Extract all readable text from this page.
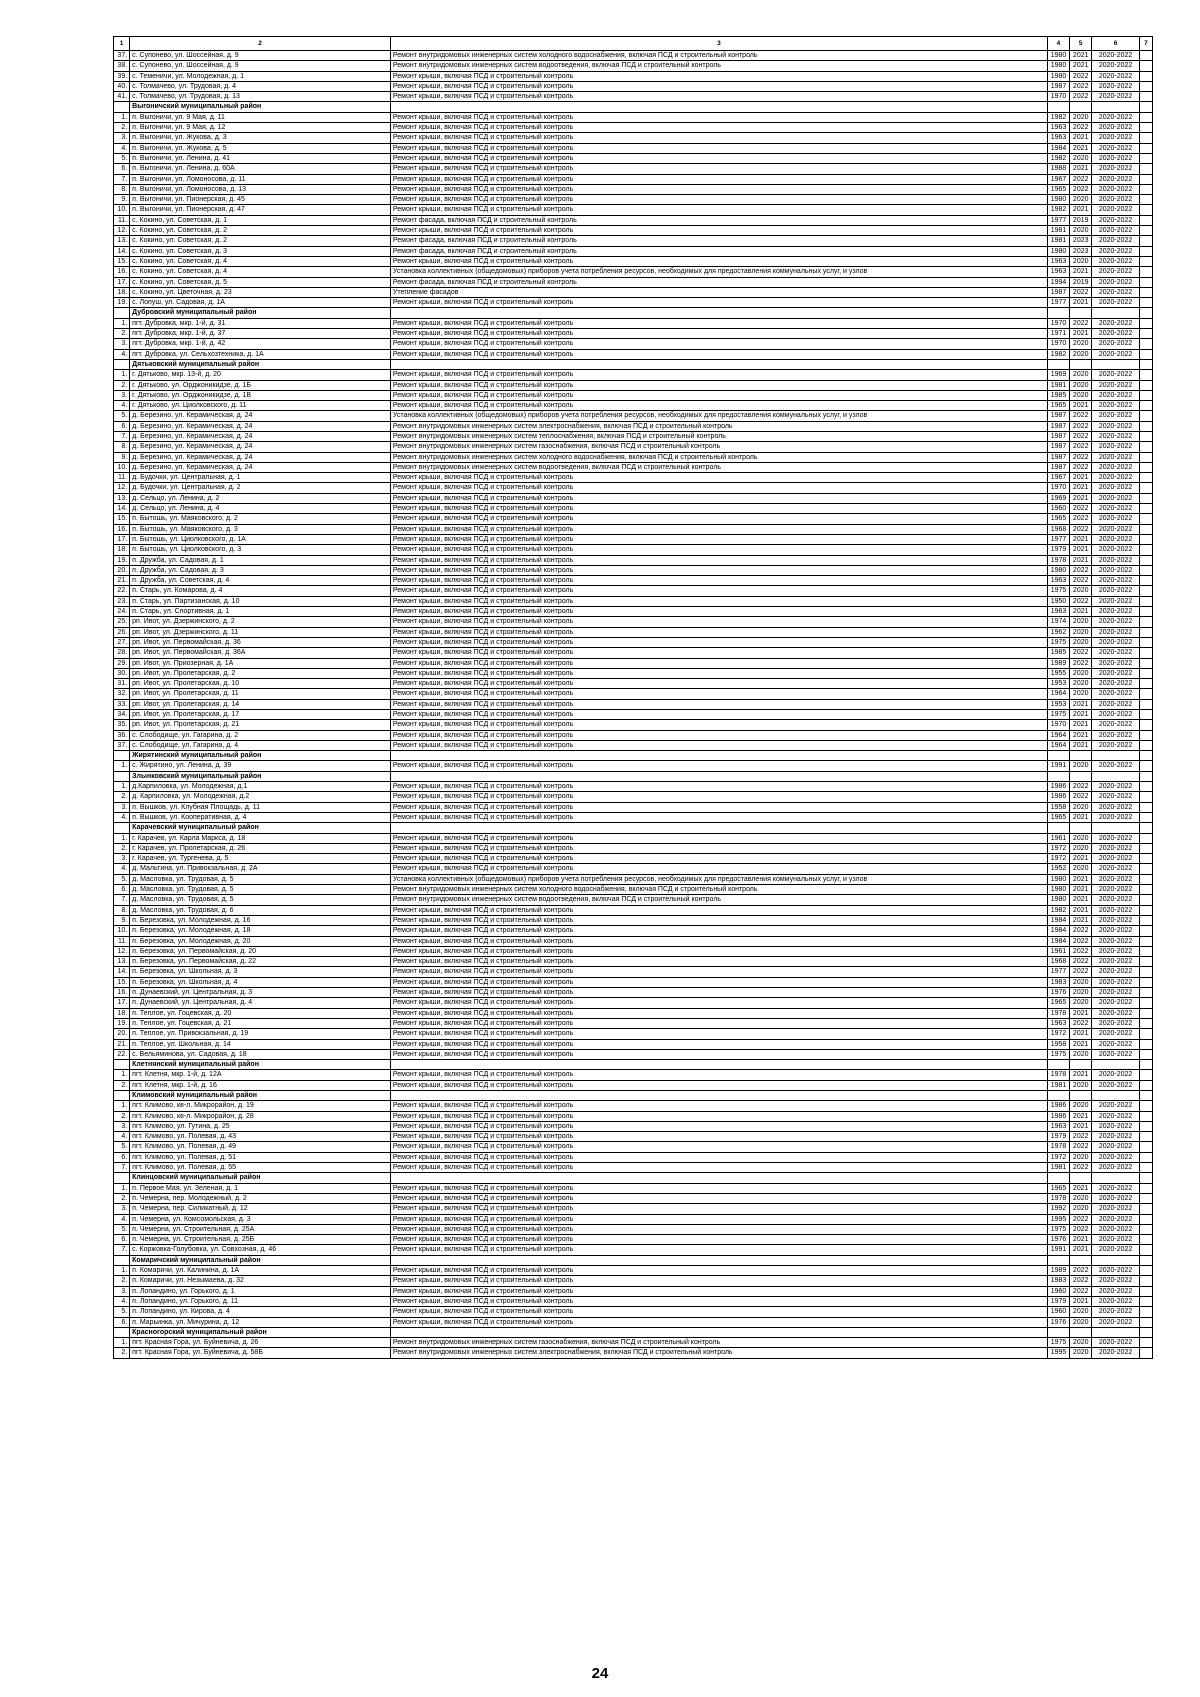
1	2	3	4	5	6	7
37.	с. Супонево, ул. Шоссейная, д. 9	Ремонт внутридомовых инженерных систем холодного водоснабжения, включая ПСД и строительный контроль	1980	2021	2020-2022	
38.	с. Супонево, ул. Шоссейная, д. 9	Ремонт внутридомовых инженерных систем водоотведения, включая ПСД и строительный контроль	1980	2021	2020-2022	
39.	с. Теменичи, ул. Молодежная, д. 1	Ремонт крыши, включая ПСД и строительный контроль	1980	2022	2020-2022	
40.	с. Толмачево, ул. Трудовая, д. 4	Ремонт крыши, включая ПСД и строительный контроль	1987	2022	2020-2022	
41.	с. Толмачево, ул. Трудовая, д. 13	Ремонт крыши, включая ПСД и строительный контроль	1970	2022	2020-2022	
	Выгоничский муниципальный район					
1.	п. Выгоничи, ул. 9 Мая, д. 11	Ремонт крыши, включая ПСД и строительный контроль	1982	2020	2020-2022	
2.	п. Выгоничи, ул. 9 Мая, д. 12	Ремонт крыши, включая ПСД и строительный контроль	1963	2022	2020-2022	
3.	п. Выгоничи, ул. Жукова, д. 3	Ремонт крыши, включая ПСД и строительный контроль	1963	2021	2020-2022	
4.	п. Выгоничи, ул. Жукова, д. 5	Ремонт крыши, включая ПСД и строительный контроль	1984	2021	2020-2022	
5.	п. Выгоничи, ул. Ленина, д. 41	Ремонт крыши, включая ПСД и строительный контроль	1982	2020	2020-2022	
6.	п. Выгоничи, ул. Ленина, д. 60А	Ремонт крыши, включая ПСД и строительный контроль	1988	2021	2020-2022	
7.	п. Выгоничи, ул. Ломоносова, д. 11	Ремонт крыши, включая ПСД и строительный контроль	1967	2022	2020-2022	
8.	п. Выгоничи, ул. Ломоносова, д. 13	Ремонт крыши, включая ПСД и строительный контроль	1965	2022	2020-2022	
9.	п. Выгоничи, ул. Пионерская, д. 45	Ремонт крыши, включая ПСД и строительный контроль	1980	2020	2020-2022	
10.	п. Выгоничи, ул. Пионерская, д. 47	Ремонт крыши, включая ПСД и строительный контроль	1982	2021	2020-2022	
11.	с. Кокино, ул. Советская, д. 1	Ремонт фасада, включая ПСД и строительный контроль	1977	2019	2020-2022	
12.	с. Кокино, ул. Советская, д. 2	Ремонт крыши, включая ПСД и строительный контроль	1981	2020	2020-2022	
13.	с. Кокино, ул. Советская, д. 2	Ремонт фасада, включая ПСД и строительный контроль	1981	2023	2020-2022	
14.	с. Кокино, ул. Советская, д. 3	Ремонт фасада, включая ПСД и строительный контроль	1980	2023	2020-2022	
15.	с. Кокино, ул. Советская, д. 4	Ремонт крыши, включая ПСД и строительный контроль	1963	2020	2020-2022	
16.	с. Кокино, ул. Советская, д. 4	Установка коллективных (общедомовых) приборов учета потребления ресурсов, необходимых для предоставления коммунальных услуг, и узлов	1963	2021	2020-2022	
17.	с. Кокино, ул. Советская, д. 5	Ремонт фасада, включая ПСД и строительный контроль	1994	2019	2020-2022	
18.	с. Кокино, ул. Цветочная, д. 23	Утепление фасадов	1987	2022	2020-2022	
19.	с. Лопуш, ул. Садовая, д. 1А	Ремонт крыши, включая ПСД и строительный контроль	1977	2021	2020-2022	
	Дубровский муниципальный район					
1.	пгт. Дубровка, мкр. 1-й, д. 31	Ремонт крыши, включая ПСД и строительный контроль	1970	2022	2020-2022	
2.	пгт. Дубровка, мкр. 1-й, д. 37	Ремонт крыши, включая ПСД и строительный контроль	1971	2021	2020-2022	
3.	пгт. Дубровка, мкр. 1-й, д. 42	Ремонт крыши, включая ПСД и строительный контроль	1970	2020	2020-2022	
4.	пгт. Дубровка, ул. Сельхозтехника, д. 1А	Ремонт крыши, включая ПСД и строительный контроль	1982	2020	2020-2022	
	Дятьковский муниципальный район					
1.	г. Дятьково, мкр. 13-й, д. 20	Ремонт крыши, включая ПСД и строительный контроль	1969	2020	2020-2022	
2.	г. Дятьково, ул. Орджоникидзе, д. 1Б	Ремонт крыши, включая ПСД и строительный контроль	1981	2020	2020-2022	
3.	г. Дятьково, ул. Орджоникидзе, д. 1В	Ремонт крыши, включая ПСД и строительный контроль	1985	2020	2020-2022	
4.	г. Дятьково, ул. Циолковского, д. 11	Ремонт крыши, включая ПСД и строительный контроль	1965	2021	2020-2022	
5.	д. Березино, ул. Керамическая, д. 24	Установка коллективных (общедомовых) приборов учета потребления ресурсов, необходимых для предоставления коммунальных услуг, и узлов	1987	2022	2020-2022	
6.	д. Березино, ул. Керамическая, д. 24	Ремонт внутридомовых инженерных систем электроснабжения, включая ПСД и строительный контроль	1987	2022	2020-2022	
7.	д. Березино, ул. Керамическая, д. 24	Ремонт внутридомовых инженерных систем теплоснабжения, включая ПСД и строительный контроль	1987	2022	2020-2022	
8.	д. Березино, ул. Керамическая, д. 24	Ремонт внутридомовых инженерных систем газоснабжения, включая ПСД и строительный контроль	1987	2022	2020-2022	
9.	д. Березино, ул. Керамическая, д. 24	Ремонт внутридомовых инженерных систем холодного водоснабжения, включая ПСД и строительный контроль	1987	2022	2020-2022	
10.	д. Березино, ул. Керамическая, д. 24	Ремонт внутридомовых инженерных систем водоотведения, включая ПСД и строительный контроль	1987	2022	2020-2022	
11.	д. Будочки, ул. Центральная, д. 1	Ремонт крыши, включая ПСД и строительный контроль	1967	2021	2020-2022	
12.	д. Будочки, ул. Центральная, д. 2	Ремонт крыши, включая ПСД и строительный контроль	1970	2021	2020-2022	
13.	д. Сельцо, ул. Ленина, д. 2	Ремонт крыши, включая ПСД и строительный контроль	1969	2021	2020-2022	
14.	д. Сельцо, ул. Ленина, д. 4	Ремонт крыши, включая ПСД и строительный контроль	1960	2022	2020-2022	
15.	п. Бытошь, ул. Маяковского, д. 2	Ремонт крыши, включая ПСД и строительный контроль	1965	2022	2020-2022	
16.	п. Бытошь, ул. Маяковского, д. 3	Ремонт крыши, включая ПСД и строительный контроль	1968	2022	2020-2022	
17.	п. Бытошь, ул. Циолковского, д. 1А	Ремонт крыши, включая ПСД и строительный контроль	1977	2021	2020-2022	
18.	п. Бытошь, ул. Циолковского, д. 3	Ремонт крыши, включая ПСД и строительный контроль	1979	2021	2020-2022	
19.	п. Дружба, ул. Садовая, д. 1	Ремонт крыши, включая ПСД и строительный контроль	1978	2021	2020-2022	
20.	п. Дружба, ул. Садовая, д. 3	Ремонт крыши, включая ПСД и строительный контроль	1980	2022	2020-2022	
21.	п. Дружба, ул. Советская, д. 4	Ремонт крыши, включая ПСД и строительный контроль	1963	2022	2020-2022	
22.	п. Старь, ул. Комарова, д. 4	Ремонт крыши, включая ПСД и строительный контроль	1975	2020	2020-2022	
23.	п. Старь, ул. Партизанская, д. 10	Ремонт крыши, включая ПСД и строительный контроль	1950	2022	2020-2022	
24.	п. Старь, ул. Спортивная, д. 1	Ремонт крыши, включая ПСД и строительный контроль	1963	2021	2020-2022	
25.	рп. Ивот, ул. Дзержинского, д. 2	Ремонт крыши, включая ПСД и строительный контроль	1974	2020	2020-2022	
26.	рп. Ивот, ул. Дзержинского, д. 11	Ремонт крыши, включая ПСД и строительный контроль	1962	2020	2020-2022	
27.	рп. Ивот, ул. Первомайская, д. 36	Ремонт крыши, включая ПСД и строительный контроль	1975	2020	2020-2022	
28.	рп. Ивот, ул. Первомайская, д. 36А	Ремонт крыши, включая ПСД и строительный контроль	1985	2022	2020-2022	
29.	рп. Ивот, ул. Приозерная, д. 1А	Ремонт крыши, включая ПСД и строительный контроль	1989	2022	2020-2022	
30.	рп. Ивот, ул. Пролетарская, д. 2	Ремонт крыши, включая ПСД и строительный контроль	1955	2020	2020-2022	
31.	рп. Ивот, ул. Пролетарская, д. 10	Ремонт крыши, включая ПСД и строительный контроль	1953	2020	2020-2022	
32.	рп. Ивот, ул. Пролетарская, д. 11	Ремонт крыши, включая ПСД и строительный контроль	1964	2020	2020-2022	
33.	рп. Ивот, ул. Пролетарская, д. 14	Ремонт крыши, включая ПСД и строительный контроль	1953	2021	2020-2022	
34.	рп. Ивот, ул. Пролетарская, д. 17	Ремонт крыши, включая ПСД и строительный контроль	1975	2021	2020-2022	
35.	рп. Ивот, ул. Пролетарская, д. 21	Ремонт крыши, включая ПСД и строительный контроль	1970	2021	2020-2022	
36.	с. Слободище, ул. Гагарина, д. 2	Ремонт крыши, включая ПСД и строительный контроль	1964	2021	2020-2022	
37.	с. Слободище, ул. Гагарина, д. 4	Ремонт крыши, включая ПСД и строительный контроль	1964	2021	2020-2022	
	Жирятинский муниципальный район					
1.	с. Жирятино, ул. Ленина, д. 39	Ремонт крыши, включая ПСД и строительный контроль	1991	2020	2020-2022	
	Злынковский муниципальный район					
1.	д.Карпиловка, ул. Молодежная, д.1	Ремонт крыши, включая ПСД и строительный контроль	1986	2022	2020-2022	
2.	д. Карпиловка, ул. Молодежная, д.2	Ремонт крыши, включая ПСД и строительный контроль	1986	2022	2020-2022	
3.	п. Вышков, ул. Клубная Площадь, д. 11	Ремонт крыши, включая ПСД и строительный контроль	1958	2020	2020-2022	
4.	п. Вышков, ул. Кооперативная, д. 4	Ремонт крыши, включая ПСД и строительный контроль	1965	2021	2020-2022	
	Карачевский муниципальный район					
1.	г. Карачев, ул. Карла Маркса, д. 18	Ремонт крыши, включая ПСД и строительный контроль	1961	2020	2020-2022	
2.	г. Карачев, ул. Пролетарская, д. 26	Ремонт крыши, включая ПСД и строительный контроль	1972	2020	2020-2022	
3.	г. Карачев, ул. Тургенева, д. 5	Ремонт крыши, включая ПСД и строительный контроль	1972	2021	2020-2022	
4.	д. Мальтина, ул. Привокзальная, д. 2А	Ремонт крыши, включая ПСД и строительный контроль	1952	2020	2020-2022	
5.	д. Масловка, ул. Трудовая, д. 5	Установка коллективных (общедомовых) приборов учета потребления ресурсов, необходимых для предоставления коммунальных услуг, и узлов	1980	2021	2020-2022	
6.	д. Масловка, ул. Трудовая, д. 5	Ремонт внутридомовых инженерных систем холодного водоснабжения, включая ПСД и строительный контроль	1980	2021	2020-2022	
7.	д. Масловка, ул. Трудовая, д. 5	Ремонт внутридомовых инженерных систем водоотведения, включая ПСД и строительный контроль	1980	2021	2020-2022	
8.	д. Масловка, ул. Трудовая, д. 6	Ремонт крыши, включая ПСД и строительный контроль	1982	2021	2020-2022	
9.	п. Березовка, ул. Молодежная, д. 16	Ремонт крыши, включая ПСД и строительный контроль	1984	2021	2020-2022	
10.	п. Березовка, ул. Молодежная, д. 18	Ремонт крыши, включая ПСД и строительный контроль	1984	2022	2020-2022	
11.	п. Березовка, ул. Молодежная, д. 20	Ремонт крыши, включая ПСД и строительный контроль	1984	2022	2020-2022	
12.	п. Березовка, ул. Первомайская, д. 20	Ремонт крыши, включая ПСД и строительный контроль	1961	2022	2020-2022	
13.	п. Березовка, ул. Первомайская, д. 22	Ремонт крыши, включая ПСД и строительный контроль	1968	2022	2020-2022	
14.	п. Березовка, ул. Школьная, д. 3	Ремонт крыши, включая ПСД и строительный контроль	1977	2022	2020-2022	
15.	п. Березовка, ул. Школьная, д. 4	Ремонт крыши, включая ПСД и строительный контроль	1983	2020	2020-2022	
16.	п. Дунаевский, ул. Центральная, д. 3	Ремонт крыши, включая ПСД и строительный контроль	1976	2020	2020-2022	
17.	п. Дунаевский, ул. Центральная, д. 4	Ремонт крыши, включая ПСД и строительный контроль	1965	2020	2020-2022	
18.	п. Теплое, ул. Гоцевская, д. 20	Ремонт крыши, включая ПСД и строительный контроль	1978	2021	2020-2022	
19.	п. Теплое, ул. Гоцевская, д. 21	Ремонт крыши, включая ПСД и строительный контроль	1963	2022	2020-2022	
20.	п. Теплое, ул. Привокзальная, д. 19	Ремонт крыши, включая ПСД и строительный контроль	1972	2021	2020-2022	
21.	п. Теплое, ул. Школьная, д. 14	Ремонт крыши, включая ПСД и строительный контроль	1958	2021	2020-2022	
22.	с. Вельяминова, ул. Садовая, д. 18	Ремонт крыши, включая ПСД и строительный контроль	1975	2020	2020-2022	
	Клетнянский муниципальный район					
1.	пгт. Клетня, мкр. 1-й, д. 12А	Ремонт крыши, включая ПСД и строительный контроль	1978	2021	2020-2022	
2.	пгт. Клетня, мкр. 1-й, д. 16	Ремонт крыши, включая ПСД и строительный контроль	1981	2020	2020-2022	
	Климовский муниципальный район					
1.	пгт. Климово, кв-л. Микрорайон, д. 19	Ремонт крыши, включая ПСД и строительный контроль	1986	2020	2020-2022	
2.	пгт. Климово, кв-л. Микрорайон, д. 28	Ремонт крыши, включая ПСД и строительный контроль	1986	2021	2020-2022	
3.	пгт. Климово, ул. Гутина, д. 25	Ремонт крыши, включая ПСД и строительный контроль	1963	2021	2020-2022	
4.	пгт. Климово, ул. Полевая, д. 43	Ремонт крыши, включая ПСД и строительный контроль	1979	2022	2020-2022	
5.	пгт. Климово, ул. Полевая, д. 49	Ремонт крыши, включая ПСД и строительный контроль	1978	2022	2020-2022	
6.	пгт. Климово, ул. Полевая, д. 51	Ремонт крыши, включая ПСД и строительный контроль	1972	2020	2020-2022	
7.	пгт. Климово, ул. Полевая, д. 55	Ремонт крыши, включая ПСД и строительный контроль	1981	2022	2020-2022	
	Клинцовский муниципальный район					
1.	п. Первое Мая, ул. Зеленая, д. 1	Ремонт крыши, включая ПСД и строительный контроль	1965	2021	2020-2022	
2.	п. Чемерна, пер. Молодежный, д. 2	Ремонт крыши, включая ПСД и строительный контроль	1978	2020	2020-2022	
3.	п. Чемерна, пер. Силикатный, д. 12	Ремонт крыши, включая ПСД и строительный контроль	1992	2020	2020-2022	
4.	п. Чемерна, ул. Комсомольская, д. 3	Ремонт крыши, включая ПСД и строительный контроль	1995	2022	2020-2022	
5.	п. Чемерна, ул. Строительная, д. 25А	Ремонт крыши, включая ПСД и строительный контроль	1975	2022	2020-2022	
6.	п. Чемерна, ул. Строительная, д. 25Б	Ремонт крыши, включая ПСД и строительный контроль	1976	2021	2020-2022	
7.	с. Коржовка-Голубовка, ул. Совхозная, д. 46	Ремонт крыши, включая ПСД и строительный контроль	1991	2021	2020-2022	
	Комаричский муниципальный район					
1.	п. Комаричи, ул. Калинина, д. 1А	Ремонт крыши, включая ПСД и строительный контроль	1989	2022	2020-2022	
2.	п. Комаричи, ул. Незымаева, д. 32	Ремонт крыши, включая ПСД и строительный контроль	1983	2022	2020-2022	
3.	п. Лопандино, ул. Горького, д. 1	Ремонт крыши, включая ПСД и строительный контроль	1960	2022	2020-2022	
4.	п. Лопандино, ул. Горького, д. 11	Ремонт крыши, включая ПСД и строительный контроль	1979	2021	2020-2022	
5.	п. Лопандино, ул. Кирова, д. 4	Ремонт крыши, включая ПСД и строительный контроль	1960	2020	2020-2022	
6.	п. Марьинка, ул. Мичурина, д. 12	Ремонт крыши, включая ПСД и строительный контроль	1976	2020	2020-2022	
	Красногорский муниципальный район					
1.	пгт. Красная Гора, ул. Буйневича, д. 26	Ремонт внутридомовых инженерных систем газоснабжения, включая ПСД и строительный контроль	1975	2020	2020-2022	
2.	пгт. Красная Гора, ул. Буйневича, д. 58Б	Ремонт внутридомовых инженерных систем электроснабжения, включая ПСД и строительный контроль	1995	2020	2020-2022	
24
